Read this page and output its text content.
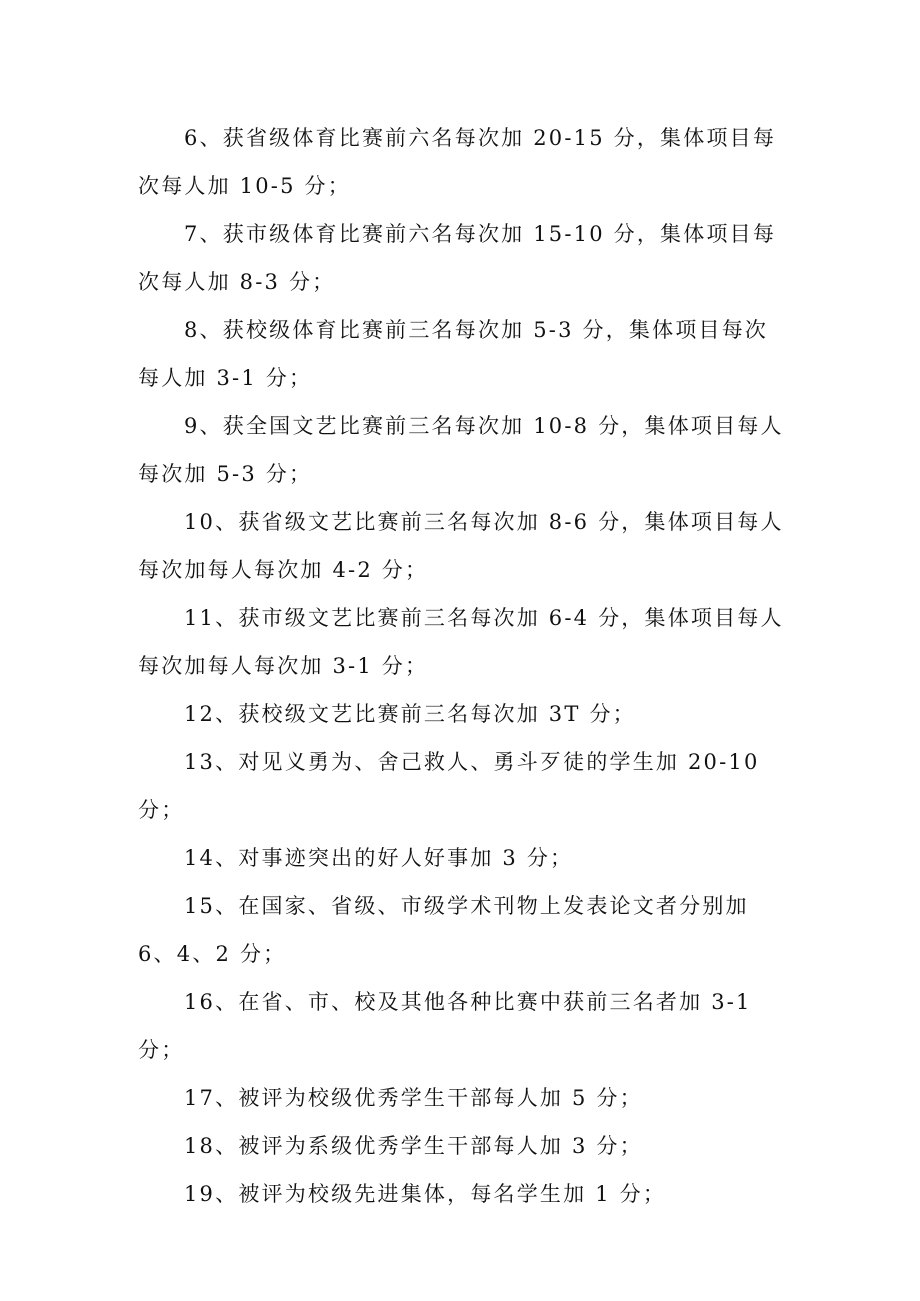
6、获省级体育比赛前六名每次加 20-15 分，集体项目每次每人加 10-5 分；

7、获市级体育比赛前六名每次加 15-10 分，集体项目每次每人加 8-3 分；

8、获校级体育比赛前三名每次加 5-3 分，集体项目每次每人加 3-1 分；

9、获全国文艺比赛前三名每次加 10-8 分，集体项目每人每次加 5-3 分；

10、获省级文艺比赛前三名每次加 8-6 分，集体项目每人每次加每人每次加 4-2 分；

11、获市级文艺比赛前三名每次加 6-4 分，集体项目每人每次加每人每次加 3-1 分；

12、获校级文艺比赛前三名每次加 3T 分；

13、对见义勇为、舍己救人、勇斗歹徒的学生加 20-10 分；

14、对事迹突出的好人好事加 3 分；

15、在国家、省级、市级学术刊物上发表论文者分别加 6、4、2 分；

16、在省、市、校及其他各种比赛中获前三名者加 3-1 分；

17、被评为校级优秀学生干部每人加 5 分；

18、被评为系级优秀学生干部每人加 3 分；

19、被评为校级先进集体，每名学生加 1 分；
